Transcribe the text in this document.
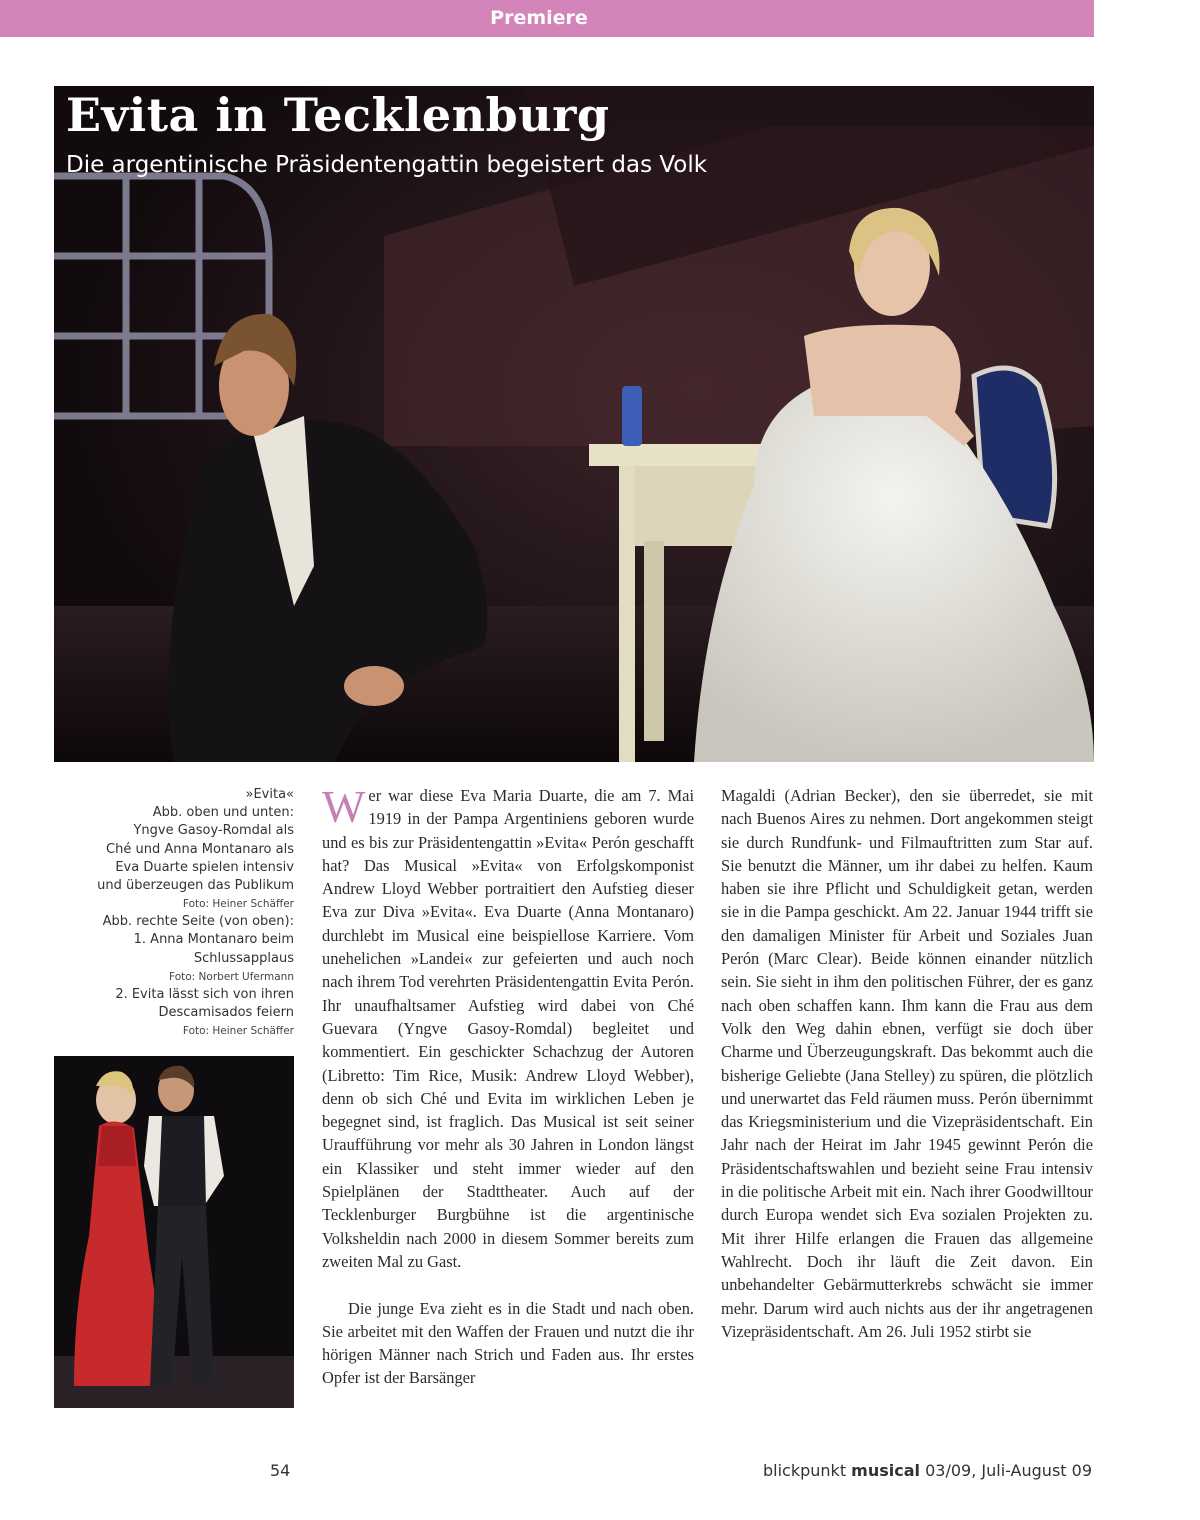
Premiere
Evita in Tecklenburg

Die argentinische Präsidentengattin begeistert das Volk

»Evita«
Abb. oben und unten:
Yngve Gasoy-Romdal als
Ché und Anna Montanaro als
Eva Duarte spielen intensiv
und überzeugen das Publikum
Foto: Heiner Schäffer
Abb. rechte Seite (von oben):
1. Anna Montanaro beim
Schlussapplaus
Foto: Norbert Ufermann
2. Evita lässt sich von ihren
Descamisados feiern
Foto: Heiner Schäffer

Wer war diese Eva Maria Duarte, die am 7. Mai 1919 in der Pampa Argentiniens geboren wurde und es bis zur Präsidentengattin »Evita« Perón geschafft hat? Das Musical »Evita« von Erfolgskomponist Andrew Lloyd Webber portraitiert den Aufstieg dieser Eva zur Diva »Evita«. Eva Duarte (Anna Montanaro) durchlebt im Musical eine beispiellose Karriere. Vom unehelichen »Landei« zur gefeierten und auch noch nach ihrem Tod verehrten Präsidentengattin Evita Perón. Ihr unaufhaltsamer Aufstieg wird dabei von Ché Guevara (Yngve Gasoy-Romdal) begleitet und kommentiert. Ein geschickter Schachzug der Autoren (Libretto: Tim Rice, Musik: Andrew Lloyd Webber), denn ob sich Ché und Evita im wirklichen Leben je begegnet sind, ist fraglich. Das Musical ist seit seiner Uraufführung vor mehr als 30 Jahren in London längst ein Klassiker und steht immer wieder auf den Spielplänen der Stadttheater. Auch auf der Tecklenburger Burgbühne ist die argentinische Volksheldin nach 2000 in diesem Sommer bereits zum zweiten Mal zu Gast.

Die junge Eva zieht es in die Stadt und nach oben. Sie arbeitet mit den Waffen der Frauen und nutzt die ihr hörigen Männer nach Strich und Faden aus. Ihr erstes Opfer ist der Barsänger

Magaldi (Adrian Becker), den sie überredet, sie mit nach Buenos Aires zu nehmen. Dort angekommen steigt sie durch Rundfunk- und Filmauftritten zum Star auf. Sie benutzt die Männer, um ihr dabei zu helfen. Kaum haben sie ihre Pflicht und Schuldigkeit getan, werden sie in die Pampa geschickt. Am 22. Januar 1944 trifft sie den damaligen Minister für Arbeit und Soziales Juan Perón (Marc Clear). Beide können einander nützlich sein. Sie sieht in ihm den politischen Führer, der es ganz nach oben schaffen kann. Ihm kann die Frau aus dem Volk den Weg dahin ebnen, verfügt sie doch über Charme und Überzeugungskraft. Das bekommt auch die bisherige Geliebte (Jana Stelley) zu spüren, die plötzlich und unerwartet das Feld räumen muss. Perón übernimmt das Kriegsministerium und die Vizepräsidentschaft. Ein Jahr nach der Heirat im Jahr 1945 gewinnt Perón die Präsidentschaftswahlen und bezieht seine Frau intensiv in die politische Arbeit mit ein. Nach ihrer Goodwilltour durch Europa wendet sich Eva sozialen Projekten zu. Mit ihrer Hilfe erlangen die Frauen das allgemeine Wahlrecht. Doch ihr läuft die Zeit davon. Ein unbehandelter Gebärmutterkrebs schwächt sie immer mehr. Darum wird auch nichts aus der ihr angetragenen Vizepräsidentschaft. Am 26. Juli 1952 stirbt sie

54	blickpunkt musical 03/09, Juli-August 09
